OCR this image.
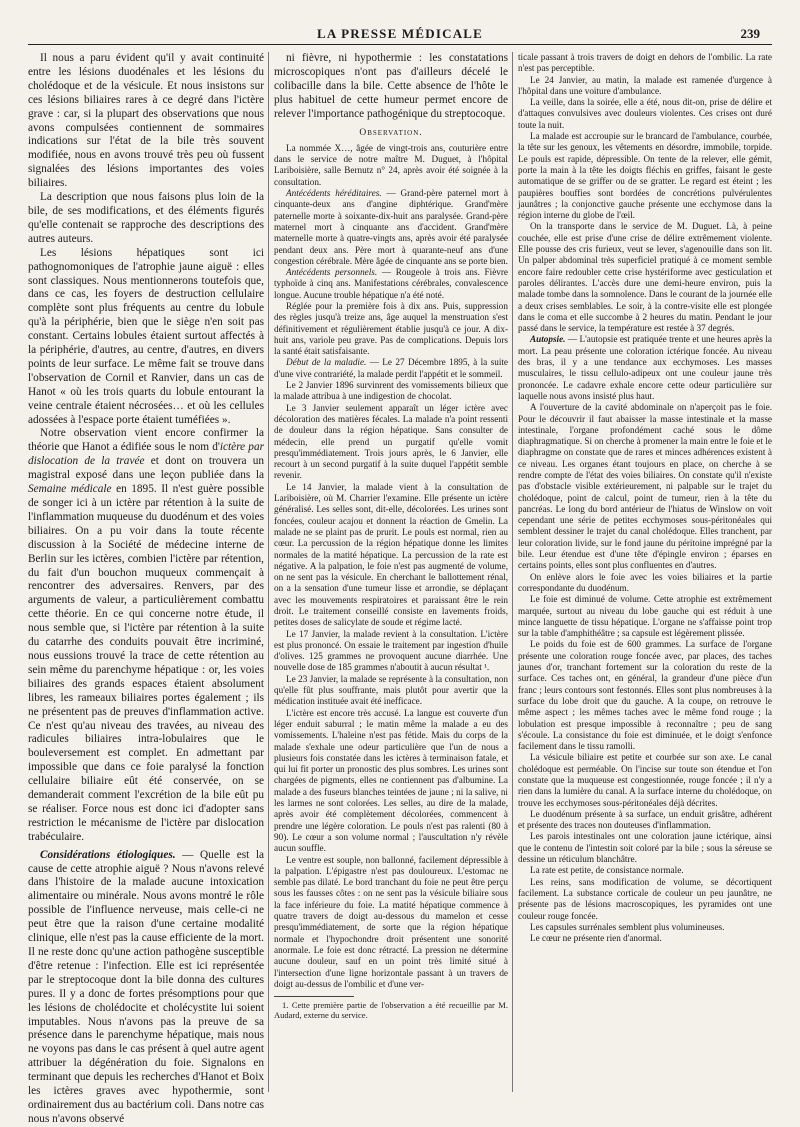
LA PRESSE MÉDICALE	239

Il nous a paru évident qu'il y avait continuité entre les lésions duodénales et les lésions du cholédoque et de la vésicule. Et nous insistons sur ces lésions biliaires rares à ce degré dans l'ictère grave : car, si la plupart des observations que nous avons compulsées contiennent de sommaires indications sur l'état de la bile très souvent modifiée, nous en avons trouvé très peu où fussent signalées des lésions importantes des voies biliaires.

La description que nous faisons plus loin de la bile, de ses modifications, et des éléments figurés qu'elle contenait se rapproche des descriptions des autres auteurs.

Les lésions hépatiques sont ici pathognomoniques de l'atrophie jaune aiguë : elles sont classiques. Nous mentionnerons toutefois que, dans ce cas, les foyers de destruction cellulaire complète sont plus fréquents au centre du lobule qu'à la périphérie, bien que le siège n'en soit pas constant. Certains lobules étaient surtout affectés à la périphérie, d'autres, au centre, d'autres, en divers points de leur surface. Le même fait se trouve dans l'observation de Cornil et Ranvier, dans un cas de Hanot « où les trois quarts du lobule entourant la veine centrale étaient nécrosées… et où les cellules adossées à l'espace porte étaient tuméfiées ».

Notre observation vient encore confirmer la théorie que Hanot a édifiée sous le nom d'ictère par dislocation de la travée et dont on trouvera un magistral exposé dans une leçon publiée dans la Semaine médicale en 1895. Il n'est guère possible de songer ici à un ictère par rétention à la suite de l'inflammation muqueuse du duodénum et des voies biliaires. On a pu voir dans la toute récente discussion à la Société de médecine interne de Berlin sur les ictères, combien l'ictère par rétention, du fait d'un bouchon muqueux commençait à rencontrer des adversaires. Renvers, par des arguments de valeur, a particulièrement combattu cette théorie. En ce qui concerne notre étude, il nous semble que, si l'ictère par rétention à la suite du catarrhe des conduits pouvait être incriminé, nous eussions trouvé la trace de cette rétention au sein même du parenchyme hépatique : or, les voies biliaires des grands espaces étaient absolument libres, les rameaux biliaires portes également ; ils ne présentent pas de preuves d'inflammation active. Ce n'est qu'au niveau des travées, au niveau des radicules biliaires intra-lobulaires que le bouleversement est complet. En admettant par impossible que dans ce foie paralysé la fonction cellulaire biliaire eût été conservée, on se demanderait comment l'excrétion de la bile eût pu se réaliser. Force nous est donc ici d'adopter sans restriction le mécanisme de l'ictère par dislocation trabéculaire.

Considérations étiologiques. — Quelle est la cause de cette atrophie aiguë ? Nous n'avons relevé dans l'histoire de la malade aucune intoxication alimentaire ou minérale. Nous avons montré le rôle possible de l'influence nerveuse, mais celle-ci ne peut être que la raison d'une certaine modalité clinique, elle n'est pas la cause efficiente de la mort. Il ne reste donc qu'une action pathogène susceptible d'être retenue : l'infection. Elle est ici représentée par le streptocoque dont la bile donna des cultures pures. Il y a donc de fortes présomptions pour que les lésions de cholédocite et cholécystite lui soient imputables. Nous n'avons pas la preuve de sa présence dans le parenchyme hépatique, mais nous ne voyons pas dans le cas présent à quel autre agent attribuer la dégénération du foie. Signalons en terminant que depuis les recherches d'Hanot et Boix les ictères graves avec hypothermie, sont ordinairement dus au bactérium coli. Dans notre cas nous n'avons observé

ni fièvre, ni hypothermie : les constatations microscopiques n'ont pas d'ailleurs décelé le colibacille dans la bile. Cette absence de l'hôte le plus habituel de cette humeur permet encore de relever l'importance pathogénique du streptocoque.

Observation.

La nommée X…, âgée de vingt-trois ans, couturière entre dans le service de notre maître M. Duguet, à l'hôpital Lariboisière, salle Bernutz n° 24, après avoir été soignée à la consultation.

Antécédents héréditaires. — Grand-père paternel mort à cinquante-deux ans d'angine diphtérique. Grand'mère paternelle morte à soixante-dix-huit ans paralysée. Grand-père maternel mort à cinquante ans d'accident. Grand'mère maternelle morte à quatre-vingts ans, après avoir été paralysée pendant deux ans. Père mort à quarante-neuf ans d'une congestion cérébrale. Mère âgée de cinquante ans se porte bien.

Antécédents personnels. — Rougeole à trois ans. Fièvre typhoïde à cinq ans. Manifestations cérébrales, convalescence longue. Aucune trouble hépatique n'a été noté.

Réglée pour la première fois à dix ans. Puis, suppression des règles jusqu'à treize ans, âge auquel la menstruation s'est définitivement et régulièrement établie jusqu'à ce jour. A dix-huit ans, variole peu grave. Pas de complications. Depuis lors la santé était satisfaisante.

Début de la maladie. — Le 27 Décembre 1895, à la suite d'une vive contrariété, la malade perdit l'appétit et le sommeil.

Le 2 Janvier 1896 survinrent des vomissements bilieux que la malade attribua à une indigestion de chocolat.

Le 3 Janvier seulement apparaît un léger ictère avec décoloration des matières fécales. La malade n'a point ressenti de douleur dans la région hépatique. Sans consulter de médecin, elle prend un purgatif qu'elle vomit presqu'immédiatement. Trois jours après, le 6 Janvier, elle recourt à un second purgatif à la suite duquel l'appétit semble revenir.

Le 14 Janvier, la malade vient à la consultation de Lariboisière, où M. Charrier l'examine. Elle présente un ictère généralisé. Les selles sont, dit-elle, décolorées. Les urines sont foncées, couleur acajou et donnent la réaction de Gmelin. La malade ne se plaint pas de prurit. Le pouls est normal, rien au cœur. La percussion de la région hépatique donne les limites normales de la matité hépatique. La percussion de la rate est négative. A la palpation, le foie n'est pas augmenté de volume, on ne sent pas la vésicule. En cherchant le ballottement rénal, on a la sensation d'une tumeur lisse et arrondie, se déplaçant avec les mouvements respiratoires et paraissant être le rein droit. Le traitement conseillé consiste en lavements froids, petites doses de salicylate de soude et régime lacté.

Le 17 Janvier, la malade revient à la consultation. L'ictère est plus prononcé. On essaie le traitement par ingestion d'huile d'olives. 125 grammes ne provoquent aucune diarrhée. Une nouvelle dose de 185 grammes n'aboutit à aucun résultat ¹.

Le 23 Janvier, la malade se représente à la consultation, non qu'elle fût plus souffrante, mais plutôt pour avertir que la médication instituée avait été inefficace.

L'ictère est encore très accusé. La langue est couverte d'un léger enduit saburral ; le matin même la malade a eu des vomissements. L'haleine n'est pas fétide. Mais du corps de la malade s'exhale une odeur particulière que l'un de nous a plusieurs fois constatée dans les ictères à terminaison fatale, et qui lui fit porter un pronostic des plus sombres. Les urines sont chargées de pigments, elles ne contiennent pas d'albumine. La malade a des fuseurs blanches teintées de jaune ; ni la salive, ni les larmes ne sont colorées. Les selles, au dire de la malade, après avoir été complètement décolorées, commencent à prendre une légère coloration. Le pouls n'est pas ralenti (80 à 90). Le cœur a son volume normal ; l'auscultation n'y révèle aucun souffle.

Le ventre est souple, non ballonné, facilement dépressible à la palpation. L'épigastre n'est pas douloureux. L'estomac ne semble pas dilaté. Le bord tranchant du foie ne peut être perçu sous les fausses côtes : on ne sent pas la vésicule biliaire sous la face inférieure du foie. La matité hépatique commence à quatre travers de doigt au-dessous du mamelon et cesse presqu'immédiatement, de sorte que la région hépatique normale et l'hypochondre droit présentent une sonorité anormale. Le foie est donc rétracté. La pression ne détermine aucune douleur, sauf en un point très limité situé à l'intersection d'une ligne horizontale passant à un travers de doigt au-dessus de l'ombilic et d'une ver-

1. Cette première partie de l'observation a été recueillie par M. Audard, externe du service.

ticale passant à trois travers de doigt en dehors de l'ombilic. La rate n'est pas perceptible.

Le 24 Janvier, au matin, la malade est ramenée d'urgence à l'hôpital dans une voiture d'ambulance.

La veille, dans la soirée, elle a été, nous dit-on, prise de délire et d'attaques convulsives avec douleurs violentes. Ces crises ont duré toute la nuit.

La malade est accroupie sur le brancard de l'ambulance, courbée, la tête sur les genoux, les vêtements en désordre, immobile, torpide. Le pouls est rapide, dépressible. On tente de la relever, elle gémit, porte la main à la tête les doigts fléchis en griffes, faisant le geste automatique de se griffer ou de se gratter. Le regard est éteint ; les paupières bouffies sont bordées de concrétions pulvérulentes jaunâtres ; la conjonctive gauche présente une ecchymose dans la région interne du globe de l'œil.

On la transporte dans le service de M. Duguet. Là, à peine couchée, elle est prise d'une crise de délire extrêmement violente. Elle pousse des cris furieux, veut se lever, s'agenouille dans son lit. Un palper abdominal très superficiel pratiqué à ce moment semble encore faire redoubler cette crise hystériforme avec gesticulation et paroles délirantes. L'accès dure une demi-heure environ, puis la malade tombe dans la somnolence. Dans le courant de la journée elle a deux crises semblables. Le soir, à la contre-visite elle est plongée dans le coma et elle succombe à 2 heures du matin. Pendant le jour passé dans le service, la température est restée à 37 degrés.

Autopsie. — L'autopsie est pratiquée trente et une heures après la mort. La peau présente une coloration ictérique foncée. Au niveau des bras, il y a une tendance aux ecchymoses. Les masses musculaires, le tissu cellulo-adipeux ont une couleur jaune très prononcée. Le cadavre exhale encore cette odeur particulière sur laquelle nous avons insisté plus haut.

A l'ouverture de la cavité abdominale on n'aperçoit pas le foie. Pour le découvrir il faut abaisser la masse intestinale et la masse intestinale, l'organe profondément caché sous le dôme diaphragmatique. Si on cherche à promener la main entre le foie et le diaphragme on constate que de rares et minces adhérences existent à ce niveau. Les organes étant toujours en place, on cherche à se rendre compte de l'état des voies biliaires. On constate qu'il n'existe pas d'obstacle visible extérieurement, ni palpable sur le trajet du cholédoque, point de calcul, point de tumeur, rien à la tête du pancréas. Le long du bord antérieur de l'hiatus de Winslow on voit cependant une série de petites ecchymoses sous-péritonéales qui semblent dessiner le trajet du canal cholédoque. Elles tranchent, par leur coloration livide, sur le fond jaune du péritoine imprégné par la bile. Leur étendue est d'une tête d'épingle environ ; éparses en certains points, elles sont plus confluentes en d'autres.

On enlève alors le foie avec les voies biliaires et la partie correspondante du duodénum.

Le foie est diminué de volume. Cette atrophie est extrêmement marquée, surtout au niveau du lobe gauche qui est réduit à une mince languette de tissu hépatique. L'organe ne s'affaisse point trop sur la table d'amphithéâtre ; sa capsule est légèrement plissée.

Le poids du foie est de 600 grammes. La surface de l'organe présente une coloration rouge foncée avec, par places, des taches jaunes d'or, tranchant fortement sur la coloration du reste de la surface. Ces taches ont, en général, la grandeur d'une pièce d'un franc ; leurs contours sont festonnés. Elles sont plus nombreuses à la surface du lobe droit que du gauche. A la coupe, on retrouve le même aspect ; les mêmes taches avec le même fond rouge ; la lobulation est presque impossible à reconnaître ; peu de sang s'écoule. La consistance du foie est diminuée, et le doigt s'enfonce facilement dans le tissu ramolli.

La vésicule biliaire est petite et courbée sur son axe. Le canal cholédoque est perméable. On l'incise sur toute son étendue et l'on constate que la muqueuse est congestionnée, rouge foncée ; il n'y a rien dans la lumière du canal. A la surface interne du cholédoque, on trouve les ecchymoses sous-péritonéales déjà décrites.

Le duodénum présente à sa surface, un enduit grisâtre, adhérent et présente des traces non douteuses d'inflammation.

Les parois intestinales ont une coloration jaune ictérique, ainsi que le contenu de l'intestin soit coloré par la bile ; sous la séreuse se dessine un réticulum blanchâtre.

La rate est petite, de consistance normale.

Les reins, sans modification de volume, se décortiquent facilement. La substance corticale de couleur un peu jaunâtre, ne présente pas de lésions macroscopiques, les pyramides ont une couleur rouge foncée.

Les capsules surrénales semblent plus volumineuses.

Le cœur ne présente rien d'anormal.
